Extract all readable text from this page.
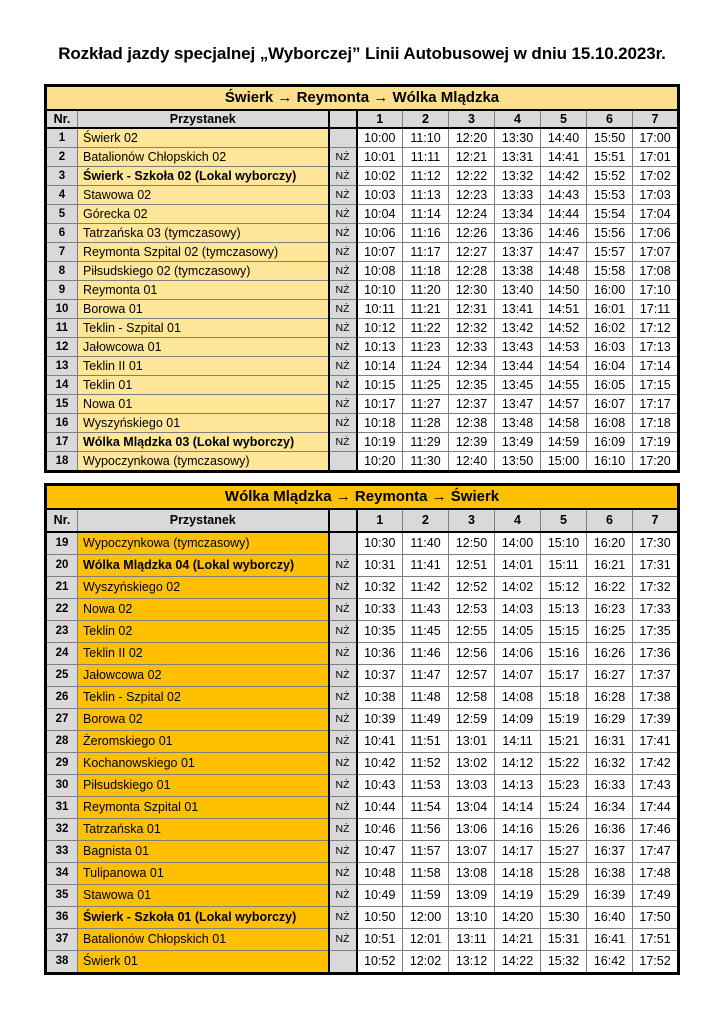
Rozkład jazdy specjalnej „Wyborczej” Linii Autobusowej w dniu 15.10.2023r.
Świerk → Reymonta → Wólka Mlądzka									
Nr.	Przystanek		1	2	3	4	5	6	7
1	Świerk 02		10:00	11:10	12:20	13:30	14:40	15:50	17:00
2	Batalionów Chłopskich 02	NŻ	10:01	11:11	12:21	13:31	14:41	15:51	17:01
3	Świerk - Szkoła 02 (Lokal wyborczy)	NŻ	10:02	11:12	12:22	13:32	14:42	15:52	17:02
4	Stawowa 02	NŻ	10:03	11:13	12:23	13:33	14:43	15:53	17:03
5	Górecka 02	NŻ	10:04	11:14	12:24	13:34	14:44	15:54	17:04
6	Tatrzańska 03 (tymczasowy)	NŻ	10:06	11:16	12:26	13:36	14:46	15:56	17:06
7	Reymonta Szpital 02 (tymczasowy)	NŻ	10:07	11:17	12:27	13:37	14:47	15:57	17:07
8	Piłsudskiego 02 (tymczasowy)	NŻ	10:08	11:18	12:28	13:38	14:48	15:58	17:08
9	Reymonta 01	NŻ	10:10	11:20	12:30	13:40	14:50	16:00	17:10
10	Borowa 01	NŻ	10:11	11:21	12:31	13:41	14:51	16:01	17:11
11	Teklin - Szpital 01	NŻ	10:12	11:22	12:32	13:42	14:52	16:02	17:12
12	Jałowcowa 01	NŻ	10:13	11:23	12:33	13:43	14:53	16:03	17:13
13	Teklin II 01	NŻ	10:14	11:24	12:34	13:44	14:54	16:04	17:14
14	Teklin 01	NŻ	10:15	11:25	12:35	13:45	14:55	16:05	17:15
15	Nowa 01	NŻ	10:17	11:27	12:37	13:47	14:57	16:07	17:17
16	Wyszyńskiego 01	NŻ	10:18	11:28	12:38	13:48	14:58	16:08	17:18
17	Wólka Mlądzka 03 (Lokal wyborczy)	NŻ	10:19	11:29	12:39	13:49	14:59	16:09	17:19
18	Wypoczynkowa (tymczasowy)		10:20	11:30	12:40	13:50	15:00	16:10	17:20
Wólka Mlądzka → Reymonta → Świerk									
Nr.	Przystanek		1	2	3	4	5	6	7
19	Wypoczynkowa (tymczasowy)		10:30	11:40	12:50	14:00	15:10	16:20	17:30
20	Wólka Mlądzka 04 (Lokal wyborczy)	NŻ	10:31	11:41	12:51	14:01	15:11	16:21	17:31
21	Wyszyńskiego 02	NŻ	10:32	11:42	12:52	14:02	15:12	16:22	17:32
22	Nowa 02	NŻ	10:33	11:43	12:53	14:03	15:13	16:23	17:33
23	Teklin 02	NŻ	10:35	11:45	12:55	14:05	15:15	16:25	17:35
24	Teklin II 02	NŻ	10:36	11:46	12:56	14:06	15:16	16:26	17:36
25	Jałowcowa 02	NŻ	10:37	11:47	12:57	14:07	15:17	16:27	17:37
26	Teklin - Szpital 02	NŻ	10:38	11:48	12:58	14:08	15:18	16:28	17:38
27	Borowa 02	NŻ	10:39	11:49	12:59	14:09	15:19	16:29	17:39
28	Żeromskiego 01	NŻ	10:41	11:51	13:01	14:11	15:21	16:31	17:41
29	Kochanowskiego 01	NŻ	10:42	11:52	13:02	14:12	15:22	16:32	17:42
30	Piłsudskiego 01	NŻ	10:43	11:53	13:03	14:13	15:23	16:33	17:43
31	Reymonta Szpital 01	NŻ	10:44	11:54	13:04	14:14	15:24	16:34	17:44
32	Tatrzańska 01	NŻ	10:46	11:56	13:06	14:16	15:26	16:36	17:46
33	Bagnista 01	NŻ	10:47	11:57	13:07	14:17	15:27	16:37	17:47
34	Tulipanowa 01	NŻ	10:48	11:58	13:08	14:18	15:28	16:38	17:48
35	Stawowa 01	NŻ	10:49	11:59	13:09	14:19	15:29	16:39	17:49
36	Świerk - Szkoła 01 (Lokal wyborczy)	NŻ	10:50	12:00	13:10	14:20	15:30	16:40	17:50
37	Batalionów Chłopskich 01	NŻ	10:51	12:01	13:11	14:21	15:31	16:41	17:51
38	Świerk 01		10:52	12:02	13:12	14:22	15:32	16:42	17:52
